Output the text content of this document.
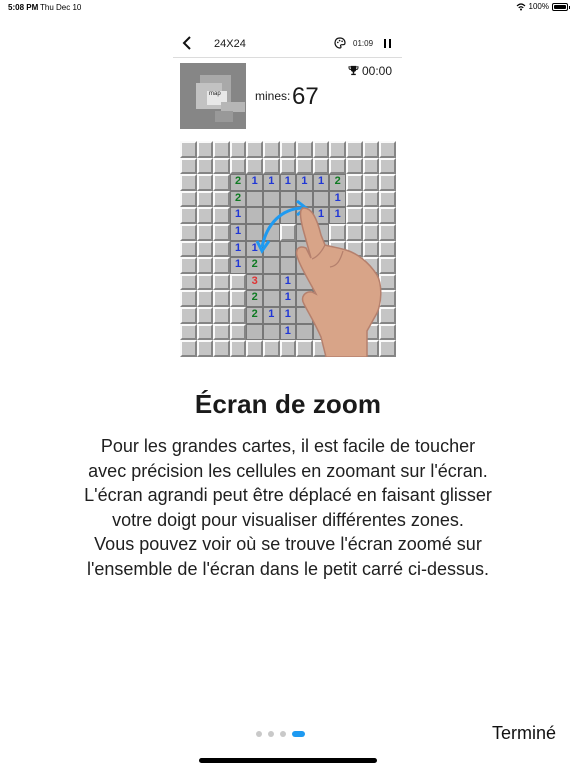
5:08 PM Thu Dec 10	100%
24X24	01:09
map
00:00
mines: 67
2 1 1 1 1 1 2
2	1
1	1 1
1
1 1
1 2
3	1
2	1
2 1 1
1
Écran de zoom
Pour les grandes cartes, il est facile de toucher
avec précision les cellules en zoomant sur l'écran.
L'écran agrandi peut être déplacé en faisant glisser
votre doigt pour visualiser différentes zones.
Vous pouvez voir où se trouve l'écran zoomé sur
l'ensemble de l'écran dans le petit carré ci-dessus.
Terminé
